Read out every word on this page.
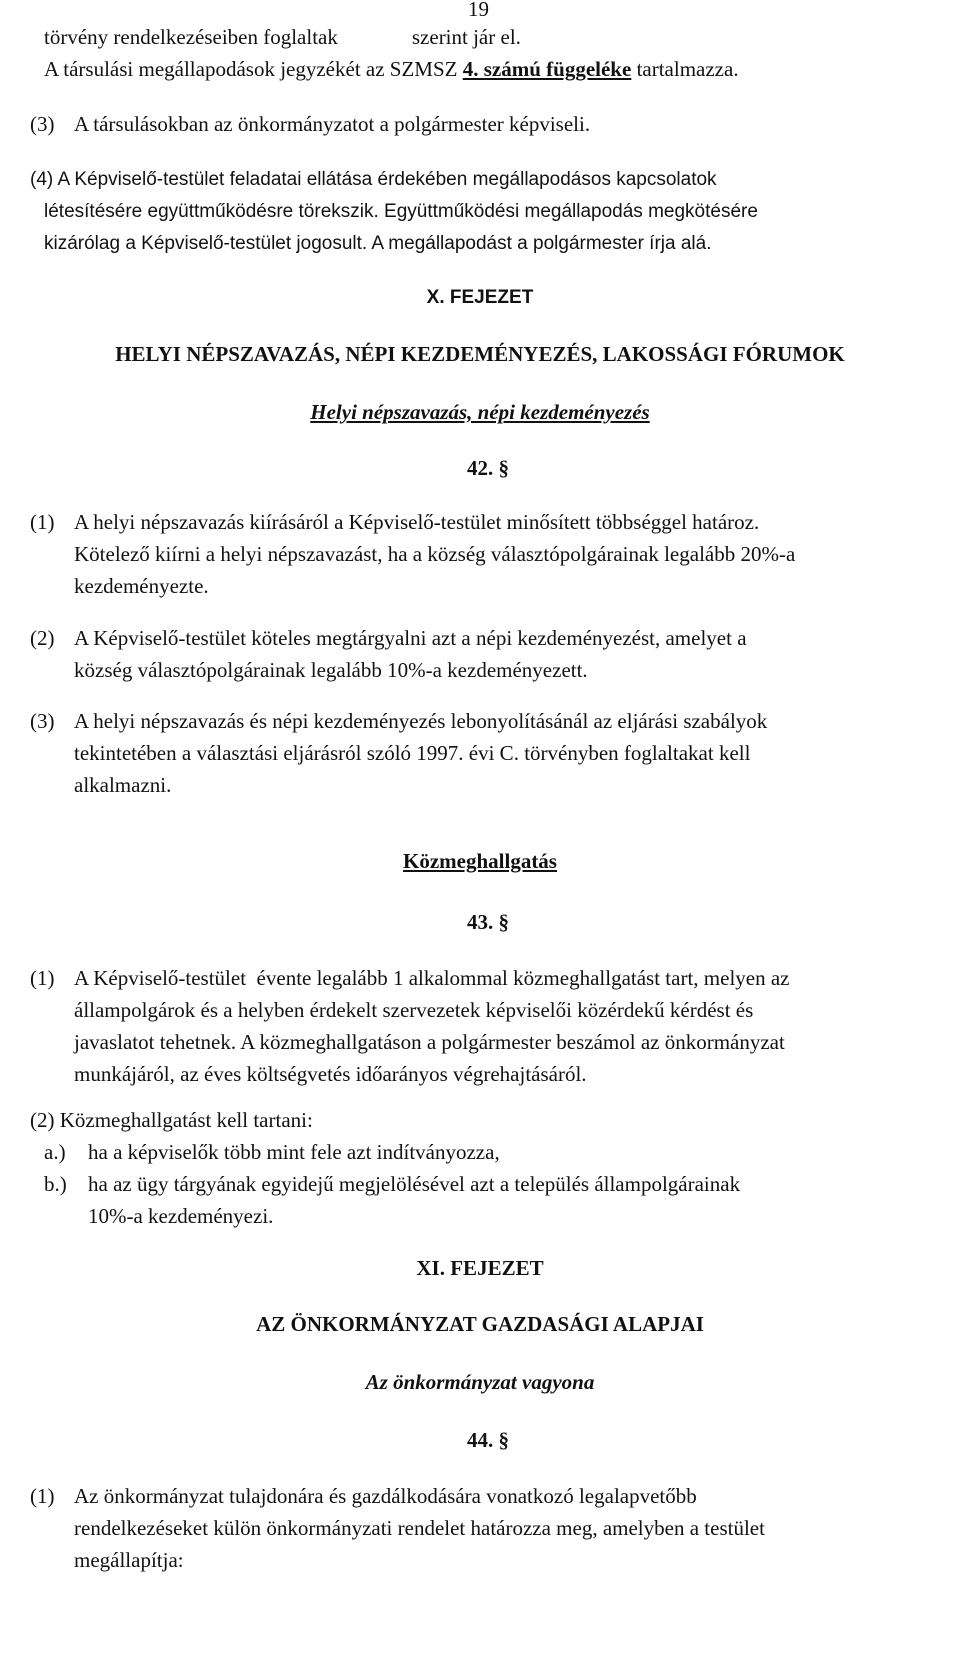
19
törvény rendelkezéseiben foglaltak	szerint jár el.
A társulási megállapodások jegyzékét az SZMSZ 4. számú függeléke tartalmazza.
(3) A társulásokban az önkormányzatot a polgármester képviseli.
(4) A Képviselő-testület feladatai ellátása érdekében megállapodásos kapcsolatok
létesítésére együttműködésre törekszik. Együttműködési megállapodás megkötésére
kizárólag a Képviselő-testület jogosult. A megállapodást a polgármester írja alá.
X. FEJEZET
HELYI NÉPSZAVAZÁS, NÉPI KEZDEMÉNYEZÉS, LAKOSSÁGI FÓRUMOK
Helyi népszavazás, népi kezdeményezés
42. §
(1) A helyi népszavazás kiírásáról a Képviselő-testület minősített többséggel határoz.
Kötelező kiírni a helyi népszavazást, ha a község választópolgárainak legalább 20%-a
kezdeményezte.
(2) A Képviselő-testület köteles megtárgyalni azt a népi kezdeményezést, amelyet a
község választópolgárainak legalább 10%-a kezdeményezett.
(3) A helyi népszavazás és népi kezdeményezés lebonyolításánál az eljárási szabályok
tekintetében a választási eljárásról szóló 1997. évi C. törvényben foglaltakat kell
alkalmazni.
Közmeghallgatás
43. §
(1) A Képviselő-testület  évente legalább 1 alkalommal közmeghallgatást tart, melyen az
állampolgárok és a helyben érdekelt szervezetek képviselői közérdekű kérdést és
javaslatot tehetnek. A közmeghallgatáson a polgármester beszámol az önkormányzat
munkájáról, az éves költségvetés időarányos végrehajtásáról.
(2) Közmeghallgatást kell tartani:
a.)	ha a képviselők több mint fele azt indítványozza,
b.)	ha az ügy tárgyának egyidejű megjelölésével azt a település állampolgárainak
10%-a kezdeményezi.
XI. FEJEZET
AZ ÖNKORMÁNYZAT GAZDASÁGI ALAPJAI
Az önkormányzat vagyona
44. §
(1) Az önkormányzat tulajdonára és gazdálkodására vonatkozó legalapvetőbb
rendelkezéseket külön önkormányzati rendelet határozza meg, amelyben a testület
megállapítja:
